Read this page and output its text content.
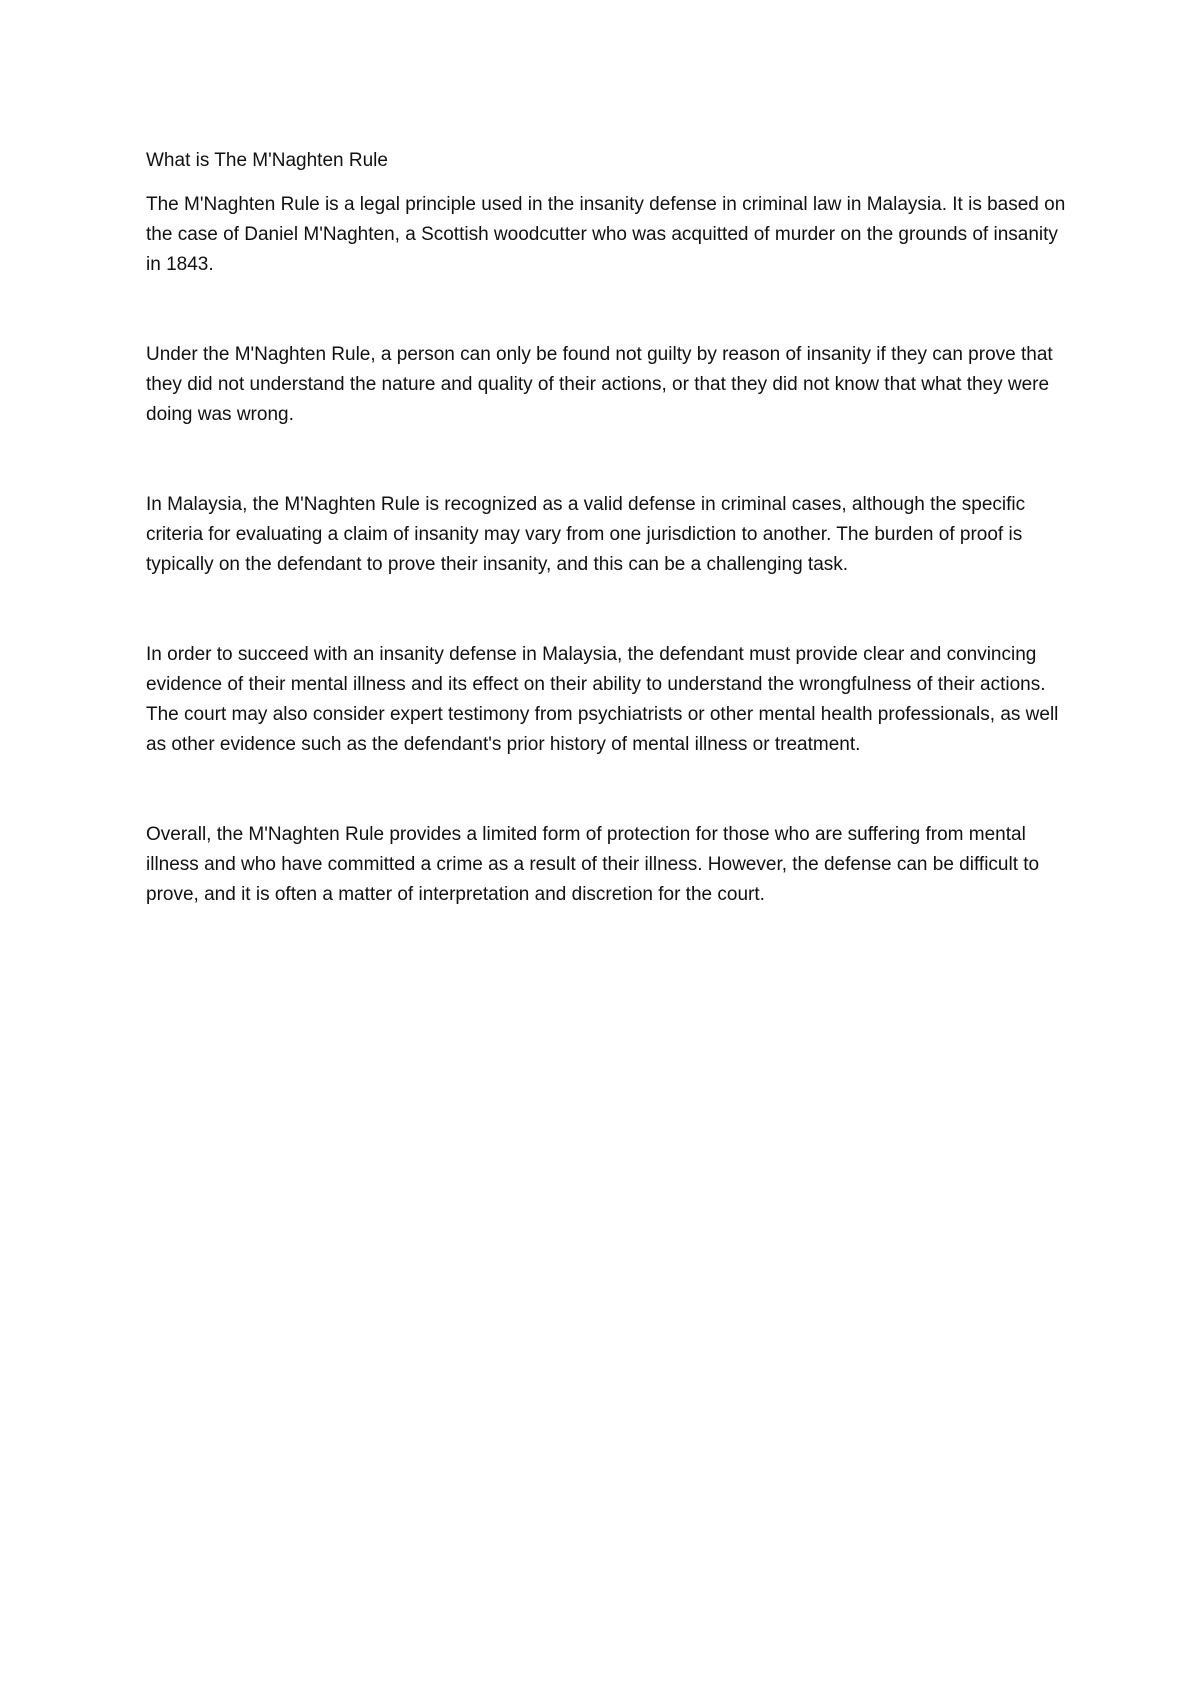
What is The M'Naghten Rule

The M'Naghten Rule is a legal principle used in the insanity defense in criminal law in Malaysia. It is based on the case of Daniel M'Naghten, a Scottish woodcutter who was acquitted of murder on the grounds of insanity in 1843.

Under the M'Naghten Rule, a person can only be found not guilty by reason of insanity if they can prove that they did not understand the nature and quality of their actions, or that they did not know that what they were doing was wrong.

In Malaysia, the M'Naghten Rule is recognized as a valid defense in criminal cases, although the specific criteria for evaluating a claim of insanity may vary from one jurisdiction to another. The burden of proof is typically on the defendant to prove their insanity, and this can be a challenging task.

In order to succeed with an insanity defense in Malaysia, the defendant must provide clear and convincing evidence of their mental illness and its effect on their ability to understand the wrongfulness of their actions. The court may also consider expert testimony from psychiatrists or other mental health professionals, as well as other evidence such as the defendant's prior history of mental illness or treatment.

Overall, the M'Naghten Rule provides a limited form of protection for those who are suffering from mental illness and who have committed a crime as a result of their illness. However, the defense can be difficult to prove, and it is often a matter of interpretation and discretion for the court.
